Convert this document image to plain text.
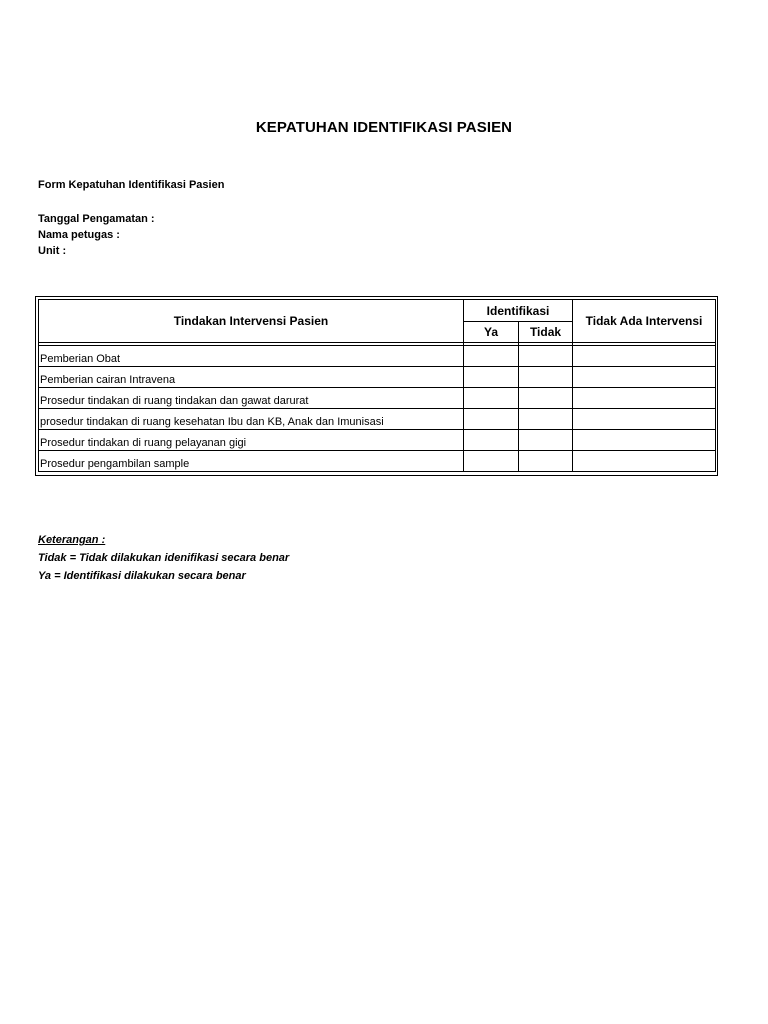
KEPATUHAN IDENTIFIKASI PASIEN
Form Kepatuhan Identifikasi Pasien
Tanggal Pengamatan :
Nama petugas :
Unit :
Tindakan Intervensi Pasien	Identifikasi		Tidak Ada Intervensi
	Ya	Tidak	

Pemberian Obat			
Pemberian cairan Intravena			
Prosedur tindakan di ruang tindakan dan gawat darurat			
prosedur tindakan di ruang kesehatan Ibu dan KB, Anak dan Imunisasi			
Prosedur tindakan di ruang pelayanan gigi			
Prosedur pengambilan sample			
Keterangan :
Tidak = Tidak dilakukan idenifikasi secara benar
Ya = Identifikasi dilakukan secara benar
